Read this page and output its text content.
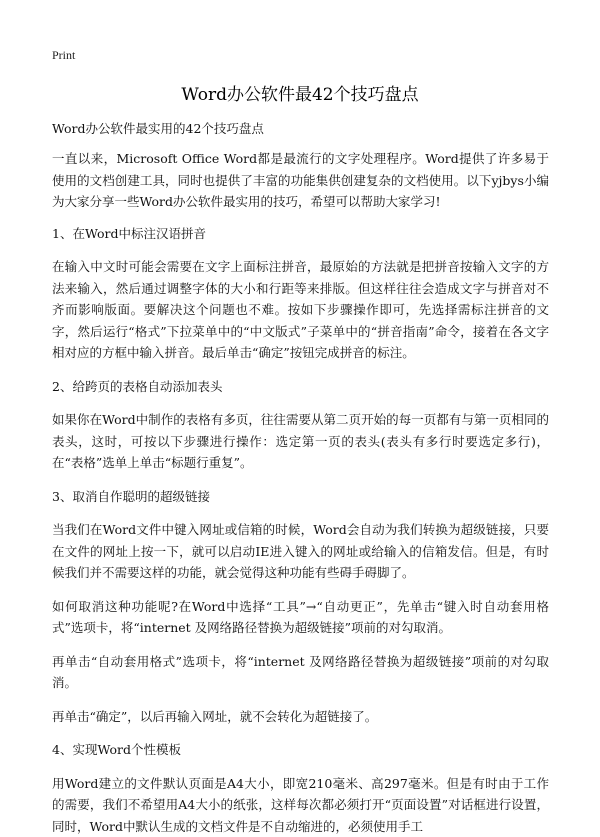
Print
Word办公软件最42个技巧盘点

Word办公软件最实用的42个技巧盘点

一直以来，Microsoft Office Word都是最流行的文字处理程序。Word提供了许多易于使用的文档创建工具，同时也提供了丰富的功能集供创建复杂的文档使用。以下yjbys小编为大家分享一些Word办公软件最实用的技巧，希望可以帮助大家学习!

1、在Word中标注汉语拼音

在输入中文时可能会需要在文字上面标注拼音，最原始的方法就是把拼音按输入文字的方法来输入，然后通过调整字体的大小和行距等来排版。但这样往往会造成文字与拼音对不齐而影响版面。要解决这个问题也不难。按如下步骤操作即可，先选择需标注拼音的文字，然后运行“格式”下拉菜单中的“中文版式”子菜单中的“拼音指南”命令，接着在各文字相对应的方框中输入拼音。最后单击“确定”按钮完成拼音的标注。

2、给跨页的表格自动添加表头

如果你在Word中制作的表格有多页，往往需要从第二页开始的每一页都有与第一页相同的表头，这时，可按以下步骤进行操作：选定第一页的表头(表头有多行时要选定多行)，在“表格”选单上单击“标题行重复”。

3、取消自作聪明的超级链接

当我们在Word文件中键入网址或信箱的时候，Word会自动为我们转换为超级链接，只要在文件的网址上按一下，就可以启动IE进入键入的网址或给输入的信箱发信。但是，有时候我们并不需要这样的功能，就会觉得这种功能有些碍手碍脚了。

如何取消这种功能呢?在Word中选择“工具”→“自动更正”，先单击“键入时自动套用格式”选项卡，将“internet 及网络路径替换为超级链接”项前的对勾取消。

再单击“自动套用格式”选项卡，将“internet 及网络路径替换为超级链接”项前的对勾取消。

再单击“确定”，以后再输入网址，就不会转化为超链接了。

4、实现Word个性模板

用Word建立的文件默认页面是A4大小，即宽210毫米、高297毫米。但是有时由于工作的需要，我们不希望用A4大小的纸张，这样每次都必须打开“页面设置”对话框进行设置，同时，Word中默认生成的文档文件是不自动缩进的，必须使用手工
